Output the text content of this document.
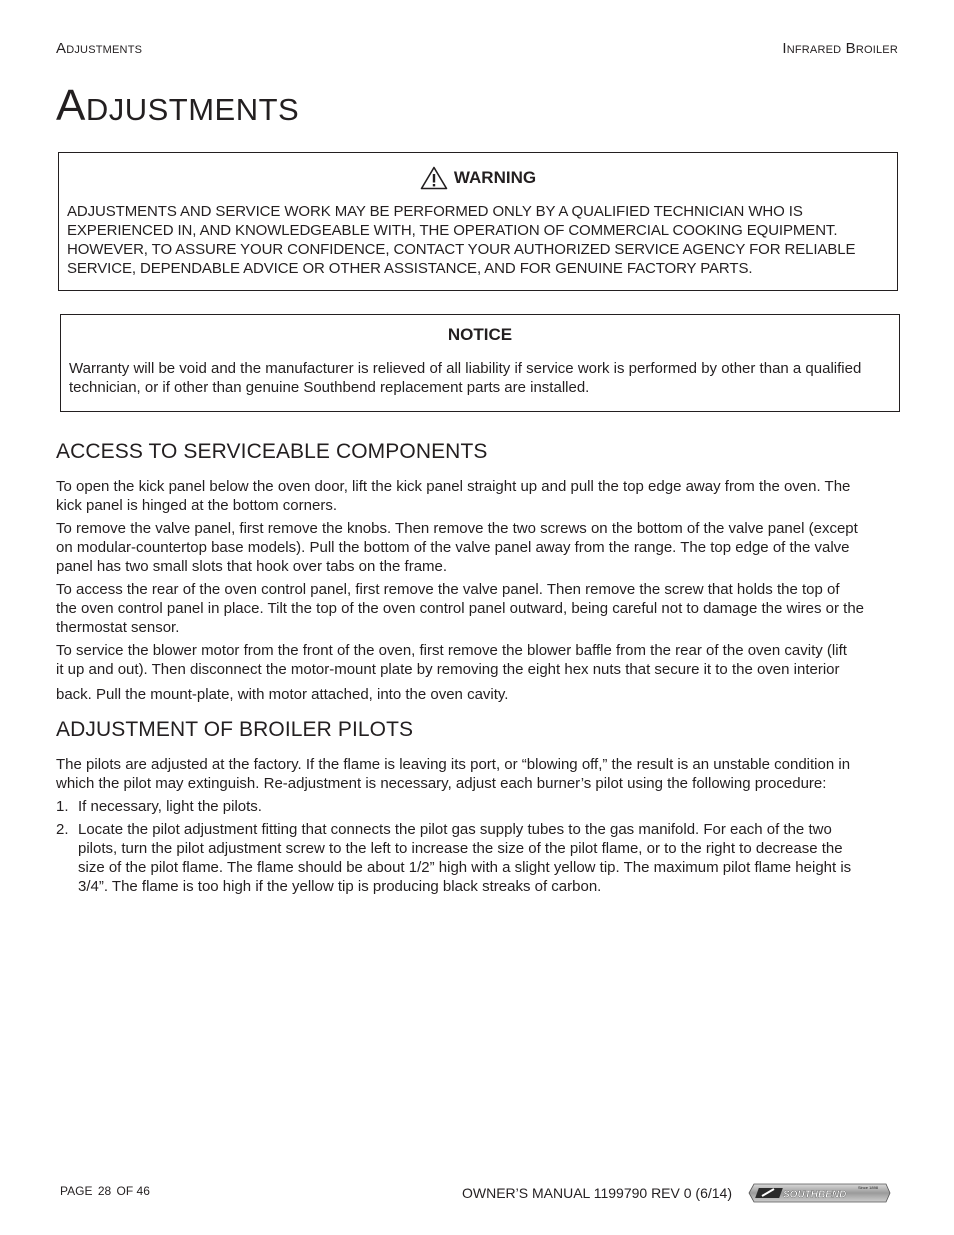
Adjustments	Infrared Broiler
Adjustments
WARNING
ADJUSTMENTS AND SERVICE WORK MAY BE PERFORMED ONLY BY A QUALIFIED TECHNICIAN WHO IS
EXPERIENCED IN, AND KNOWLEDGEABLE WITH, THE OPERATION OF COMMERCIAL COOKING EQUIPMENT.
HOWEVER, TO ASSURE YOUR CONFIDENCE, CONTACT YOUR AUTHORIZED SERVICE AGENCY FOR RELIABLE
SERVICE, DEPENDABLE ADVICE OR OTHER ASSISTANCE, AND FOR GENUINE FACTORY PARTS.
NOTICE
Warranty will be void and the manufacturer is relieved of all liability if service work is performed by other than a qualified
technician, or if other than genuine Southbend replacement parts are installed.
ACCESS TO SERVICEABLE COMPONENTS
To open the kick panel below the oven door, lift the kick panel straight up and pull the top edge away from the oven. The
kick panel is hinged at the bottom corners.
To remove the valve panel, first remove the knobs. Then remove the two screws on the bottom of the valve panel (except
on modular-countertop base models). Pull the bottom of the valve panel away from the range. The top edge of the valve
panel has two small slots that hook over tabs on the frame.
To access the rear of the oven control panel, first remove the valve panel. Then remove the screw that holds the top of
the oven control panel in place. Tilt the top of the oven control panel outward, being careful not to damage the wires or the
thermostat sensor.
To service the blower motor from the front of the oven, first remove the blower baffle from the rear of the oven cavity (lift
it up and out). Then disconnect the motor-mount plate by removing the eight hex nuts that secure it to the oven interior
back. Pull the mount-plate, with motor attached, into the oven cavity.
ADJUSTMENT OF BROILER PILOTS
The pilots are adjusted at the factory. If the flame is leaving its port, or “blowing off,” the result is an unstable condition in
which the pilot may extinguish. Re-adjustment is necessary, adjust each burner’s pilot using the following procedure:
1. If necessary, light the pilots.
2. Locate the pilot adjustment fitting that connects the pilot gas supply tubes to the gas manifold. For each of the two
pilots, turn the pilot adjustment screw to the left to increase the size of the pilot flame, or to the right to decrease the
size of the pilot flame. The flame should be about 1/2” high with a slight yellow tip. The maximum pilot flame height is
3/4”. The flame is too high if the yellow tip is producing black streaks of carbon.
PAGE 28 OF 46	OWNER’S MANUAL 1199790 REV 0 (6/14)	SOUTHBEND
Since 1898
